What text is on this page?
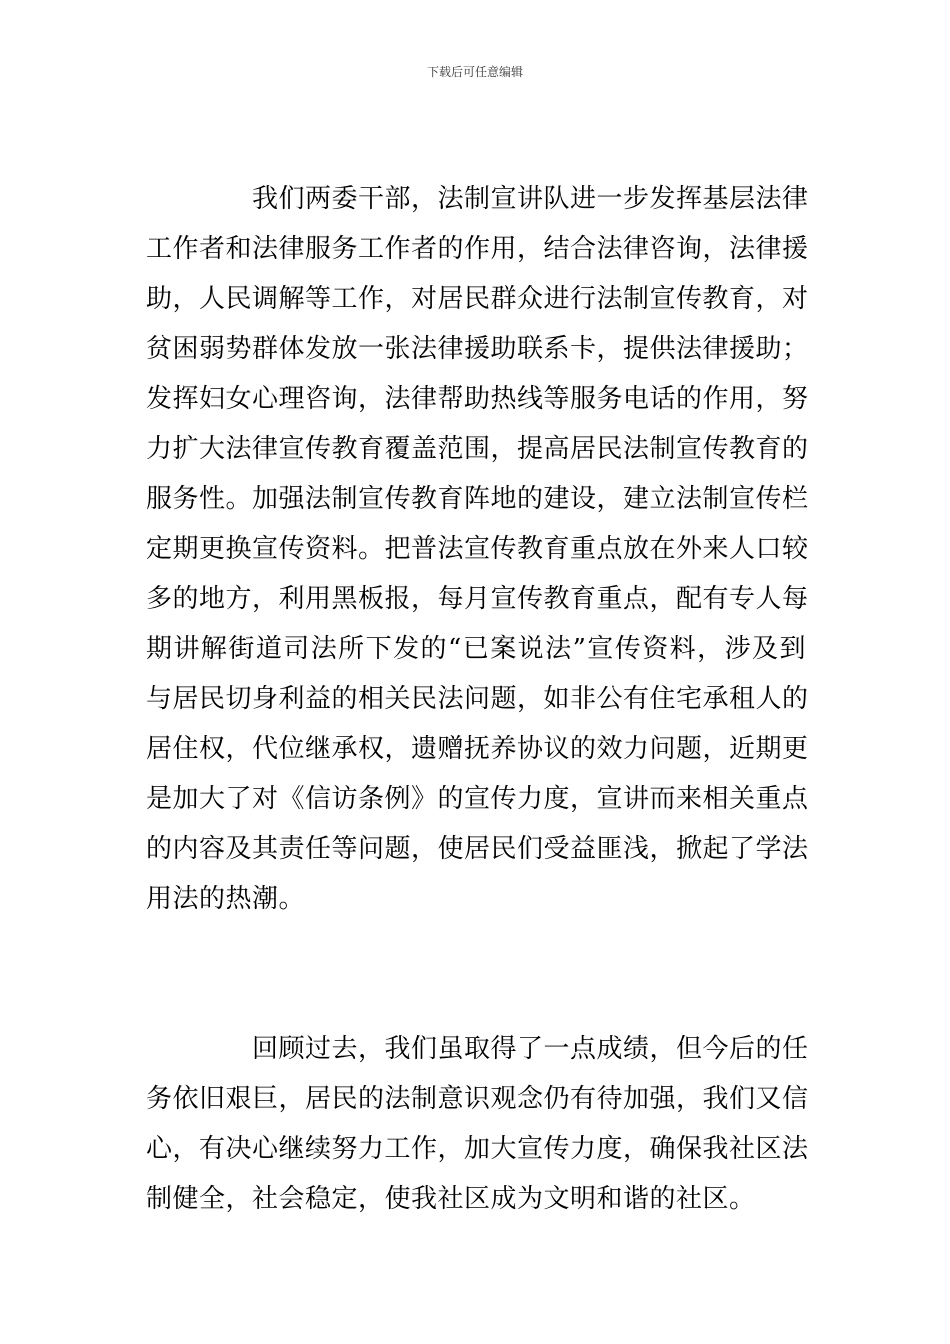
下载后可任意编辑
我们两委干部，法制宣讲队进一步发挥基层法律
工作者和法律服务工作者的作用，结合法律咨询，法律援
助，人民调解等工作，对居民群众进行法制宣传教育，对
贫困弱势群体发放一张法律援助联系卡，提供法律援助；
发挥妇女心理咨询，法律帮助热线等服务电话的作用，努
力扩大法律宣传教育覆盖范围，提高居民法制宣传教育的
服务性。加强法制宣传教育阵地的建设，建立法制宣传栏
定期更换宣传资料。把普法宣传教育重点放在外来人口较
多的地方，利用黑板报，每月宣传教育重点，配有专人每
期讲解街道司法所下发的“已案说法”宣传资料，涉及到
与居民切身利益的相关民法问题，如非公有住宅承租人的
居住权，代位继承权，遗赠抚养协议的效力问题，近期更
是加大了对《信访条例》的宣传力度，宣讲而来相关重点
的内容及其责任等问题，使居民们受益匪浅，掀起了学法
用法的热潮。
回顾过去，我们虽取得了一点成绩，但今后的任
务依旧艰巨，居民的法制意识观念仍有待加强，我们又信
心，有决心继续努力工作，加大宣传力度，确保我社区法
制健全，社会稳定，使我社区成为文明和谐的社区。
